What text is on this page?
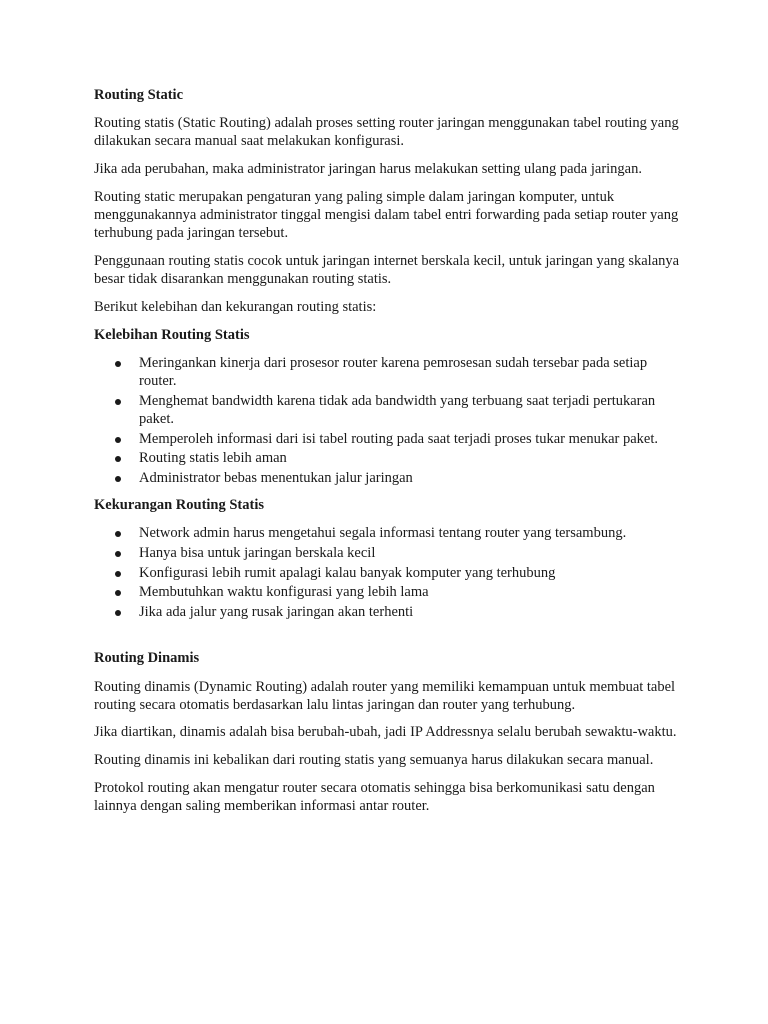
Routing Static

Routing statis (Static Routing) adalah proses setting router jaringan menggunakan tabel routing yang dilakukan secara manual saat melakukan konfigurasi.

Jika ada perubahan, maka administrator jaringan harus melakukan setting ulang pada jaringan.

Routing static merupakan pengaturan yang paling simple dalam jaringan komputer, untuk menggunakannya administrator tinggal mengisi dalam tabel entri forwarding pada setiap router yang terhubung pada jaringan tersebut.

Penggunaan routing statis cocok untuk jaringan internet berskala kecil, untuk jaringan yang skalanya besar tidak disarankan menggunakan routing statis.

Berikut kelebihan dan kekurangan routing statis:

Kelebihan Routing Statis
Meringankan kinerja dari prosesor router karena pemrosesan sudah tersebar pada setiap router.
Menghemat bandwidth karena tidak ada bandwidth yang terbuang saat terjadi pertukaran paket.
Memperoleh informasi dari isi tabel routing pada saat terjadi proses tukar menukar paket.
Routing statis lebih aman
Administrator bebas menentukan jalur jaringan
Kekurangan Routing Statis
Network admin harus mengetahui segala informasi tentang router yang tersambung.
Hanya bisa untuk jaringan berskala kecil
Konfigurasi lebih rumit apalagi kalau banyak komputer yang terhubung
Membutuhkan waktu konfigurasi yang lebih lama
Jika ada jalur yang rusak jaringan akan terhenti
Routing Dinamis

Routing dinamis (Dynamic Routing) adalah router yang memiliki kemampuan untuk membuat tabel routing secara otomatis berdasarkan lalu lintas jaringan dan router yang terhubung.

Jika diartikan, dinamis adalah bisa berubah-ubah, jadi IP Addressnya selalu berubah sewaktu-waktu.

Routing dinamis ini kebalikan dari routing statis yang semuanya harus dilakukan secara manual.

Protokol routing akan mengatur router secara otomatis sehingga bisa berkomunikasi satu dengan lainnya dengan saling memberikan informasi antar router.
